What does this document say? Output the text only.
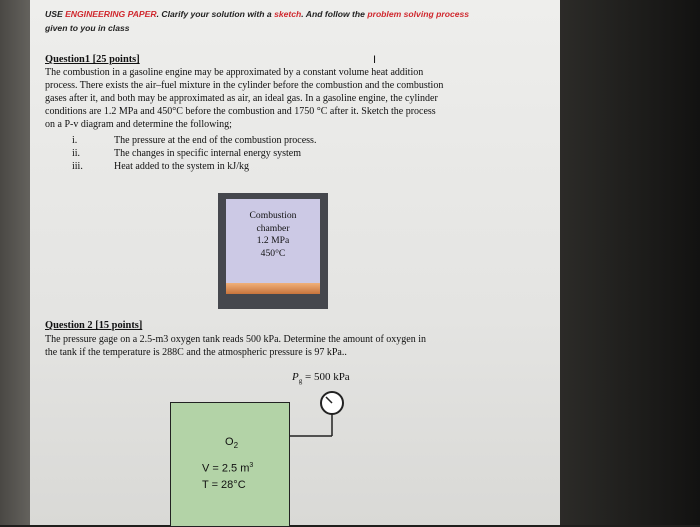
USE ENGINEERING PAPER. Clarify your solution with a sketch. And follow the problem solving process
given to you in class
Question1 [25 points]
The combustion in a gasoline engine may be approximated by a constant volume heat addition
process. There exists the air–fuel mixture in the cylinder before the combustion and the combustion
gases after it, and both may be approximated as air, an ideal gas. In a gasoline engine, the cylinder
conditions are 1.2 MPa and 450°C before the combustion and 1750 °C after it. Sketch the process
on a P-v diagram and determine the following;
I
i.	The pressure at the end of the combustion process.
ii.	The changes in specific internal energy system
iii.	Heat added to the system in kJ/kg
Combustion
chamber
1.2 MPa
450°C
Question 2 [15 points]
The pressure gage on a 2.5-m3 oxygen tank reads 500 kPa. Determine the amount of oxygen in
the tank if the temperature is 288C and the atmospheric pressure is 97 kPa..
$P_g = 500$ kPa
$O_2$
V = 2.5 $m^3$
T = 28°C
